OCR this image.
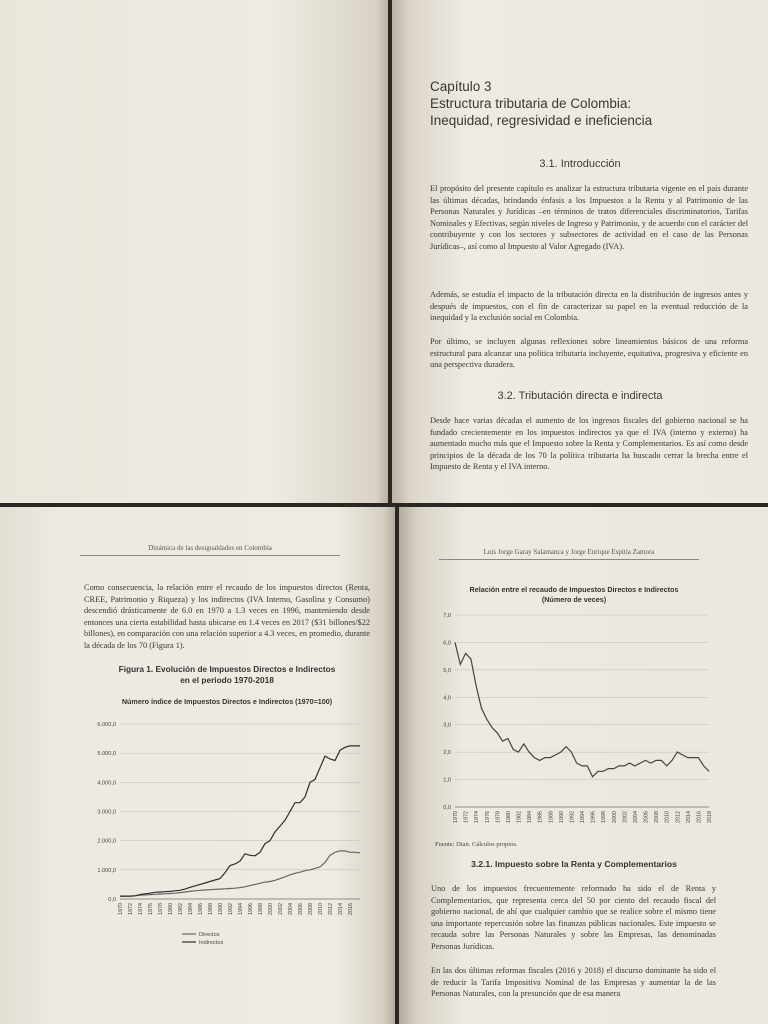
Capítulo 3
Estructura tributaria de Colombia:
Inequidad, regresividad e ineficiencia
3.1. Introducción
El propósito del presente capítulo es analizar la estructura tributaria vigente en el país durante las últimas décadas, brindando énfasis a los Impuestos a la Renta y al Patrimonio de las Personas Naturales y Jurídicas –en términos de tratos diferenciales discriminatorios, Tarifas Nominales y Efectivas, según niveles de Ingreso y Patrimonio, y de acuerdo con el carácter del contribuyente y con los sectores y subsectores de actividad en el caso de las Personas Jurídicas–, así como al Impuesto al Valor Agregado (IVA).
Además, se estudia el impacto de la tributación directa en la distribución de ingresos antes y después de impuestos, con el fin de caracterizar su papel en la eventual reducción de la inequidad y la exclusión social en Colombia.
Por último, se incluyen algunas reflexiones sobre lineamientos básicos de una reforma estructural para alcanzar una política tributaria incluyente, equitativa, progresiva y eficiente en una perspectiva duradera.
3.2. Tributación directa e indirecta
Desde hace varias décadas el aumento de los ingresos fiscales del gobierno nacional se ha fundado crecientemente en los impuestos indirectos ya que el IVA (interno y externo) ha aumentado mucho más que el Impuesto sobre la Renta y Complementarios. Es así como desde principios de la década de los 70 la política tributaria ha buscado cerrar la brecha entre el Impuesto de Renta y el IVA interno.
Dinámica de las desigualdades en Colombia
Como consecuencia, la relación entre el recaudo de los impuestos directos (Renta, CREE, Patrimonio y Riqueza) y los indirectos (IVA Interno, Gasolina y Consumo) descendió drásticamente de 6.0 en 1970 a 1.3 veces en 1996, manteniendo desde entonces una cierta estabilidad hasta ubicarse en 1.4 veces en 2017 ($31 billones/$22 billones), en comparación con una relación superior a 4.3 veces, en promedio, durante la década de los 70 (Figura 1).
Figura 1. Evolución de Impuestos Directos e Indirectos
en el periodo 1970-2018
Número índice de Impuestos Directos e Indirectos (1970=100)
0,0
1.000,0
2.000,0
3.000,0
4.000,0
5.000,0
6.000,0
1970 1972 1974 1976 1978 1980 1982 1984 1986 1988 1990 1992 1994 1996 1998 2000 2002 2004 2006 2008 2010 2012 2014 2016
Directos
Indirectos
Luis Jorge Garay Salamanca y Jorge Enrique Espitia Zamora
Relación entre el recaudo de Impuestos Directos e Indirectos
(Número de veces)
0,0
1,0
2,0
3,0
4,0
5,0
6,0
7,0
1970 1972 1974 1976 1978 1980 1982 1984 1986 1988 1990 1992 1994 1996 1998 2000 2002 2004 2006 2008 2010 2012 2014 2016 2018
Fuente: Dian. Cálculos propios.
3.2.1. Impuesto sobre la Renta y Complementarios
Uno de los impuestos frecuentemente reformado ha sido el de Renta y Complementarios, que representa cerca del 50 por ciento del recaudo fiscal del gobierno nacional, de ahí que cualquier cambio que se realice sobre el mismo tiene una importante repercusión sobre las finanzas públicas nacionales. Este impuesto se recauda sobre las Personas Naturales y sobre las Empresas, las denominadas Personas Jurídicas.
En las dos últimas reformas fiscales (2016 y 2018) el discurso dominante ha sido el de reducir la Tarifa Impositiva Nominal de las Empresas y aumentar la de las Personas Naturales, con la presunción que de esa manera
